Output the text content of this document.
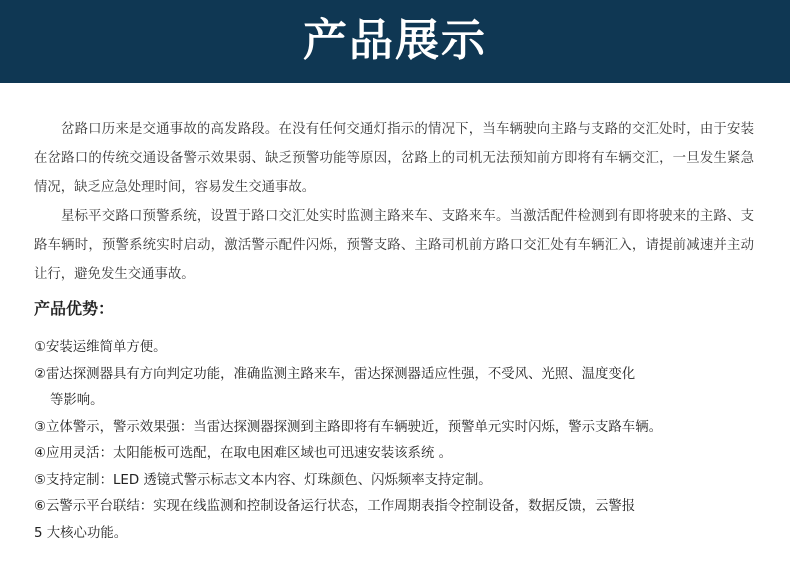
产品展示

岔路口历来是交通事故的高发路段。在没有任何交通灯指示的情况下，当车辆驶向主路与支路的交汇处时，由于安装在岔路口的传统交通设备警示效果弱、缺乏预警功能等原因，岔路上的司机无法预知前方即将有车辆交汇，一旦发生紧急情况，缺乏应急处理时间，容易发生交通事故。

星标平交路口预警系统，设置于路口交汇处实时监测主路来车、支路来车。当激活配件检测到有即将驶来的主路、支路车辆时，预警系统实时启动，激活警示配件闪烁，预警支路、主路司机前方路口交汇处有车辆汇入，请提前减速并主动让行，避免发生交通事故。

产品优势：
①安装运维简单方便。
②雷达探测器具有方向判定功能，准确监测主路来车，雷达探测器适应性强，不受风、光照、温度变化
等影响。
③立体警示，警示效果强：当雷达探测器探测到主路即将有车辆驶近，预警单元实时闪烁，警示支路车辆。
④应用灵活：太阳能板可选配，在取电困难区域也可迅速安装该系统 。
⑤支持定制：LED 透镜式警示标志文本内容、灯珠颜色、闪烁频率支持定制。
⑥云警示平台联结：实现在线监测和控制设备运行状态，工作周期表指令控制设备，数据反馈，云警报
5 大核心功能。
